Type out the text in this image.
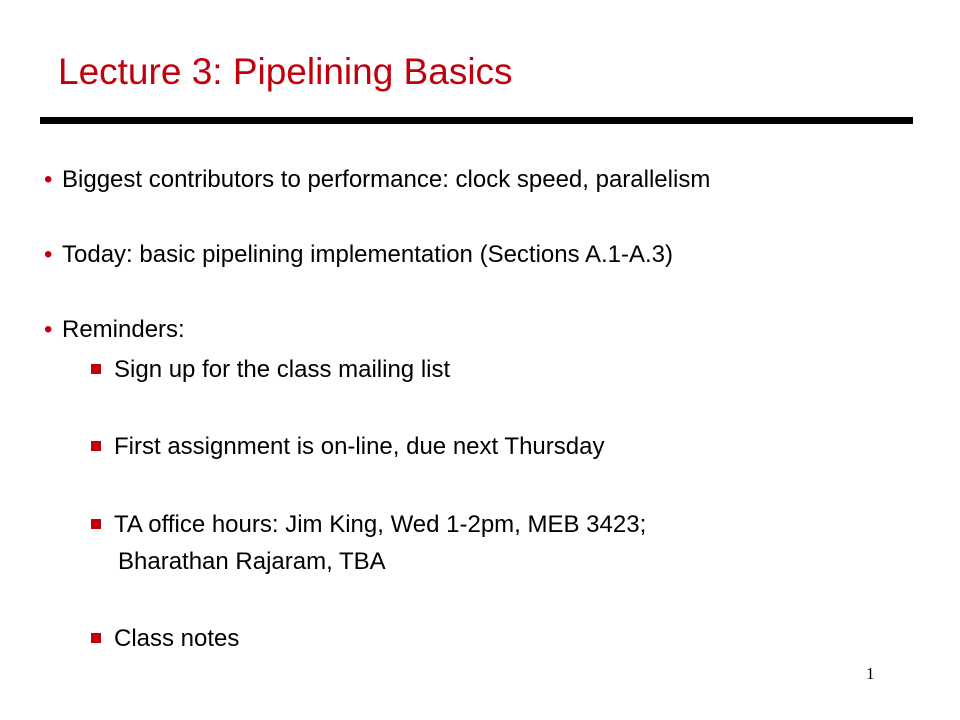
Lecture 3: Pipelining Basics
• Biggest contributors to performance: clock speed, parallelism
• Today: basic pipelining implementation (Sections A.1-A.3)
• Reminders:
Sign up for the class mailing list
First assignment is on-line, due next Thursday
TA office hours: Jim King, Wed 1-2pm, MEB 3423;
Bharathan Rajaram, TBA
Class notes
1
